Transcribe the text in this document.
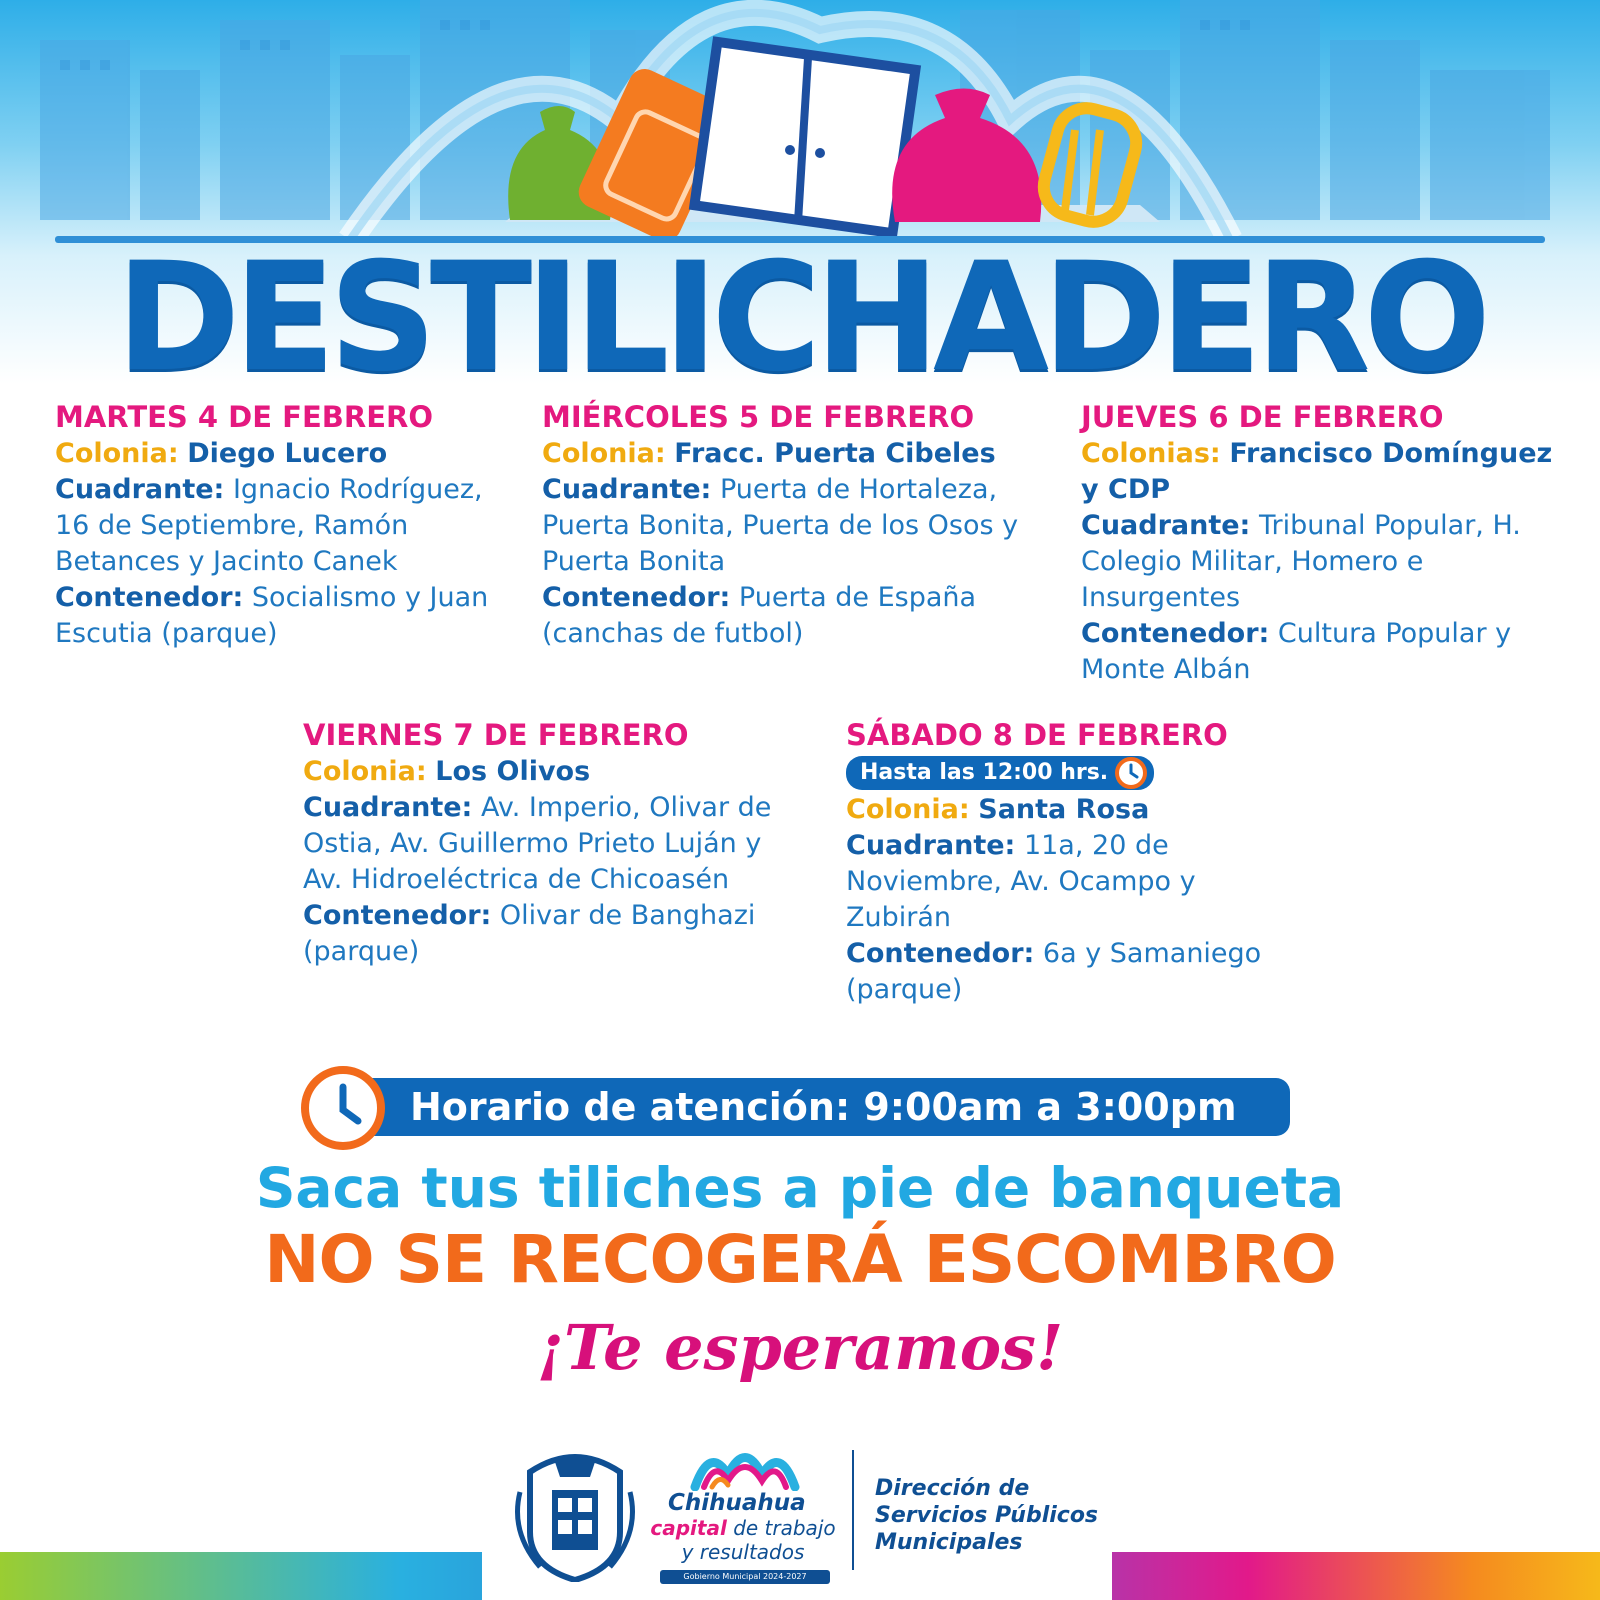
DESTILICHADERO
MARTES 4 DE FEBRERO

Colonia: Diego Lucero

Cuadrante: Ignacio Rodríguez, 16 de Septiembre, Ramón Betances y Jacinto Canek

Contenedor: Socialismo y Juan Escutia (parque)

MIÉRCOLES 5 DE FEBRERO

Colonia: Fracc. Puerta Cibeles

Cuadrante: Puerta de Hortaleza, Puerta Bonita, Puerta de los Osos y Puerta Bonita

Contenedor: Puerta de España (canchas de futbol)

JUEVES 6 DE FEBRERO

Colonias: Francisco Domínguez y CDP

Cuadrante: Tribunal Popular, H. Colegio Militar, Homero e Insurgentes

Contenedor: Cultura Popular y Monte Albán

VIERNES 7 DE FEBRERO

Colonia: Los Olivos

Cuadrante: Av. Imperio, Olivar de Ostia, Av. Guillermo Prieto Luján y Av. Hidroeléctrica de Chicoasén

Contenedor: Olivar de Banghazi (parque)

SÁBADO 8 DE FEBRERO
Hasta las 12:00 hrs.

Colonia: Santa Rosa

Cuadrante: 11a, 20 de Noviembre, Av. Ocampo y Zubirán

Contenedor: 6a y Samaniego (parque)

Horario de atención: 9:00am a 3:00pm
Saca tus tiliches a pie de banqueta
NO SE RECOGERÁ ESCOMBRO
¡Te esperamos!
Chihuahua
capital de trabajo
y resultados
Gobierno Municipal 2024-2027
Dirección de
Servicios Públicos
Municipales
